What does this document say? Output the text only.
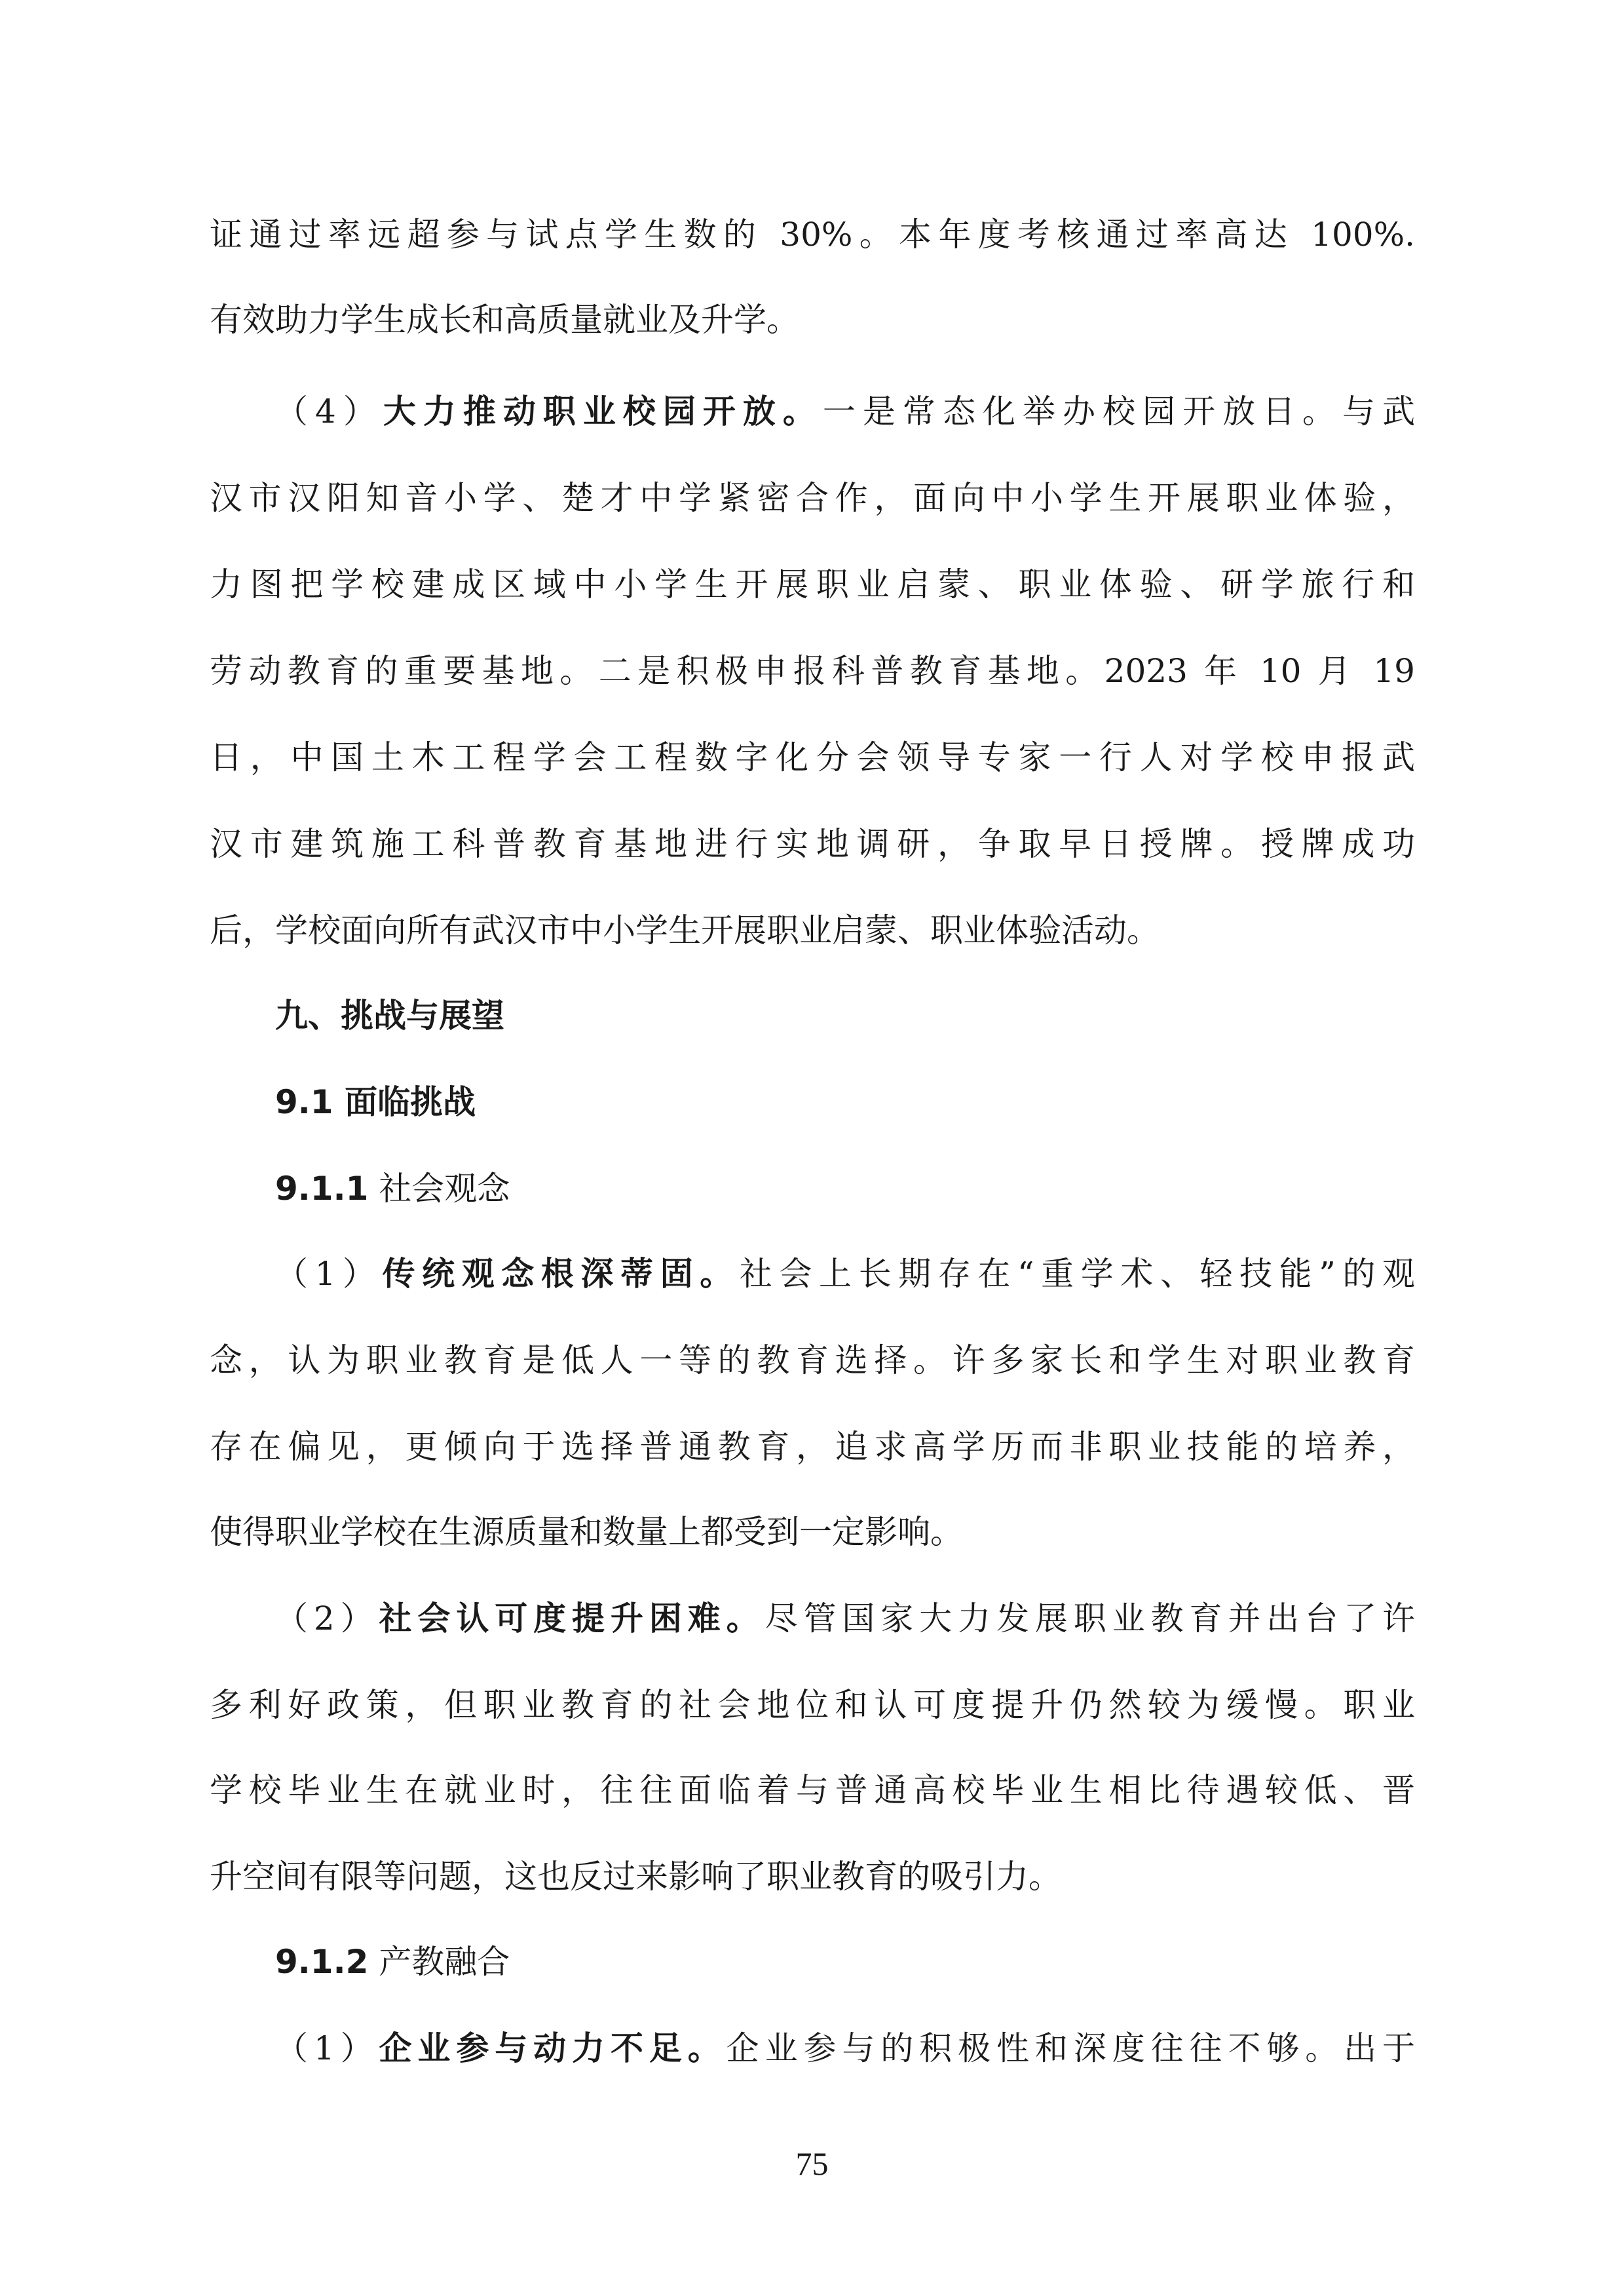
证通过率远超参与试点学生数的 30%。本年度考核通过率高达 100%.
有效助力学生成长和高质量就业及升学。
（4）大力推动职业校园开放。一是常态化举办校园开放日。与武
汉市汉阳知音小学、楚才中学紧密合作，面向中小学生开展职业体验，
力图把学校建成区域中小学生开展职业启蒙、职业体验、研学旅行和
劳动教育的重要基地。二是积极申报科普教育基地。2023 年 10 月 19
日，中国土木工程学会工程数字化分会领导专家一行人对学校申报武
汉市建筑施工科普教育基地进行实地调研，争取早日授牌。授牌成功
后，学校面向所有武汉市中小学生开展职业启蒙、职业体验活动。
九、挑战与展望
9.1 面临挑战
9.1.1 社会观念
（1）传统观念根深蒂固。社会上长期存在“重学术、轻技能”的观
念，认为职业教育是低人一等的教育选择。许多家长和学生对职业教育
存在偏见，更倾向于选择普通教育，追求高学历而非职业技能的培养，
使得职业学校在生源质量和数量上都受到一定影响。
（2）社会认可度提升困难。尽管国家大力发展职业教育并出台了许
多利好政策，但职业教育的社会地位和认可度提升仍然较为缓慢。职业
学校毕业生在就业时，往往面临着与普通高校毕业生相比待遇较低、晋
升空间有限等问题，这也反过来影响了职业教育的吸引力。
9.1.2 产教融合
（1）企业参与动力不足。企业参与的积极性和深度往往不够。出于
75
